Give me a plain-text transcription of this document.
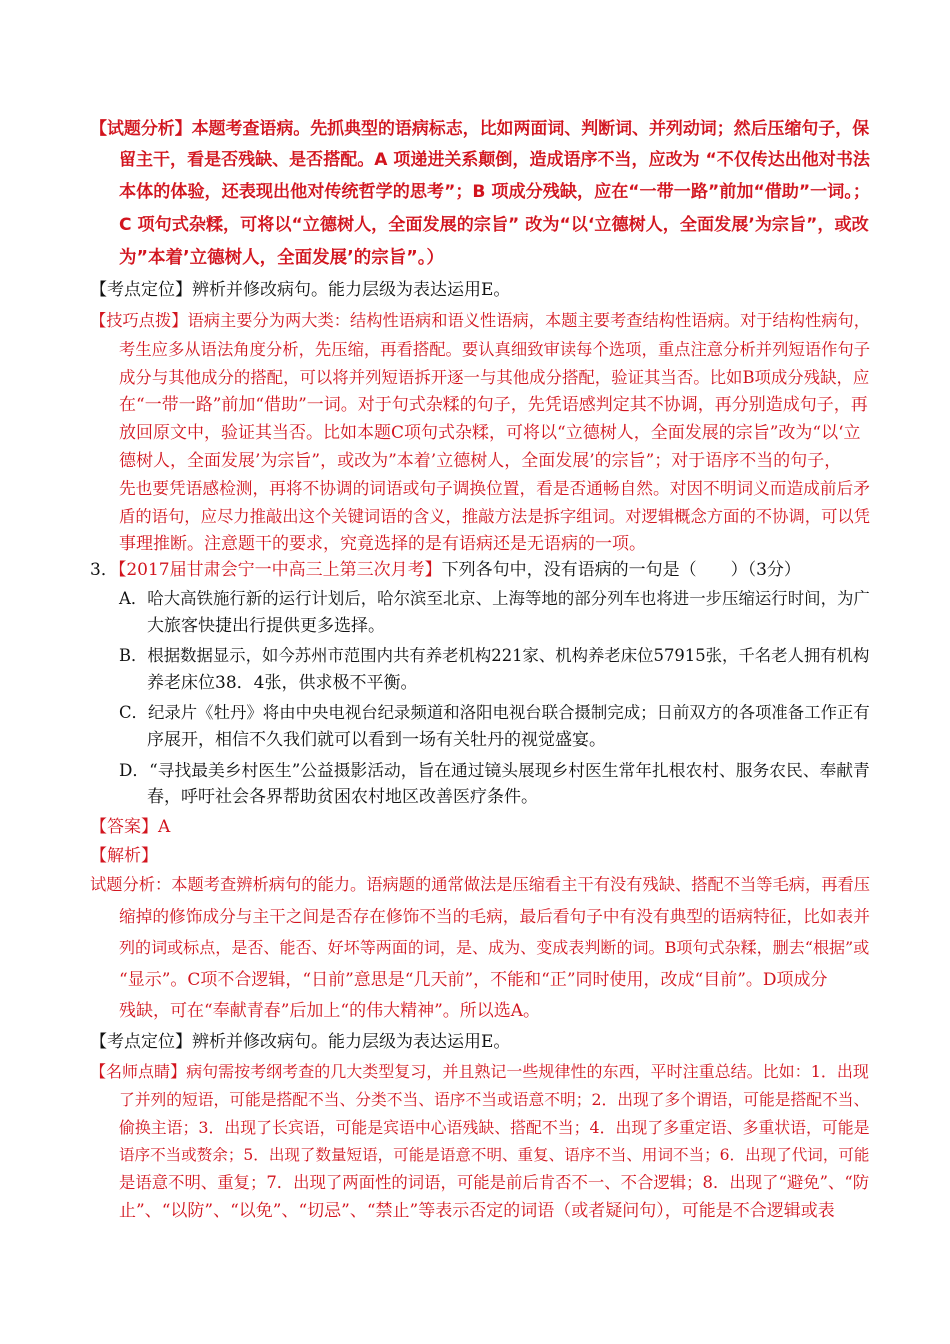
【试题分析】本题考查语病。先抓典型的语病标志，比如两面词、判断词、并列动词；然后压缩句子，保
留主干，看是否残缺、是否搭配。A 项递进关系颠倒，造成语序不当，应改为 “不仅传达出他对书法
本体的体验，还表现出他对传统哲学的思考”；B 项成分残缺，应在“一带一路”前加“借助”一词。；
C 项句式杂糅，可将以“立德树人，全面发展的宗旨” 改为“以‘立德树人，全面发展’为宗旨”，或改
为”本着’立德树人，全面发展’的宗旨”。）
【考点定位】辨析并修改病句。能力层级为表达运用E。
【技巧点拨】语病主要分为两大类：结构性语病和语义性语病，本题主要考查结构性语病。对于结构性病句，
考生应多从语法角度分析，先压缩，再看搭配。要认真细致审读每个选项，重点注意分析并列短语作句子
成分与其他成分的搭配，可以将并列短语拆开逐一与其他成分搭配，验证其当否。比如B项成分残缺，应
在“一带一路”前加“借助”一词。对于句式杂糅的句子，先凭语感判定其不协调，再分别造成句子，再
放回原文中，验证其当否。比如本题C项句式杂糅，可将以“立德树人，全面发展的宗旨”改为“以‘立
德树人，全面发展’为宗旨”，或改为”本着’立德树人，全面发展’的宗旨”；对于语序不当的句子，
先也要凭语感检测，再将不协调的词语或句子调换位置，看是否通畅自然。对因不明词义而造成前后矛
盾的语句，应尽力推敲出这个关键词语的含义，推敲方法是拆字组词。对逻辑概念方面的不协调，可以凭
事理推断。注意题干的要求，究竟选择的是有语病还是无语病的一项。
3．【2017届甘肃会宁一中高三上第三次月考】下列各句中，没有语病的一句是（　　）（3分）
A．哈大高铁施行新的运行计划后，哈尔滨至北京、上海等地的部分列车也将进一步压缩运行时间，为广
大旅客快捷出行提供更多选择。
B．根据数据显示，如今苏州市范围内共有养老机构221家、机构养老床位57915张，千名老人拥有机构
养老床位38．4张，供求极不平衡。
C．纪录片《牡丹》将由中央电视台纪录频道和洛阳电视台联合摄制完成；日前双方的各项准备工作正有
序展开，相信不久我们就可以看到一场有关牡丹的视觉盛宴。
D．“寻找最美乡村医生”公益摄影活动，旨在通过镜头展现乡村医生常年扎根农村、服务农民、奉献青
春，呼吁社会各界帮助贫困农村地区改善医疗条件。
【答案】A
【解析】
试题分析：本题考查辨析病句的能力。语病题的通常做法是压缩看主干有没有残缺、搭配不当等毛病，再看压
缩掉的修饰成分与主干之间是否存在修饰不当的毛病，最后看句子中有没有典型的语病特征，比如表并
列的词或标点，是否、能否、好坏等两面的词，是、成为、变成表判断的词。B项句式杂糅，删去“根据”或
“显示”。C项不合逻辑，“日前”意思是“几天前”，不能和“正”同时使用，改成“目前”。D项成分
残缺，可在“奉献青春”后加上“的伟大精神”。所以选A。
【考点定位】辨析并修改病句。能力层级为表达运用E。
【名师点睛】病句需按考纲考查的几大类型复习，并且熟记一些规律性的东西，平时注重总结。比如：1．出现
了并列的短语，可能是搭配不当、分类不当、语序不当或语意不明；2．出现了多个谓语，可能是搭配不当、
偷换主语；3．出现了长宾语，可能是宾语中心语残缺、搭配不当；4．出现了多重定语、多重状语，可能是
语序不当或赘余；5．出现了数量短语，可能是语意不明、重复、语序不当、用词不当；6．出现了代词，可能
是语意不明、重复；7．出现了两面性的词语，可能是前后肯否不一、不合逻辑；8．出现了“避免”、“防
止”、“以防”、“以免”、“切忌”、“禁止”等表示否定的词语（或者疑问句），可能是不合逻辑或表
